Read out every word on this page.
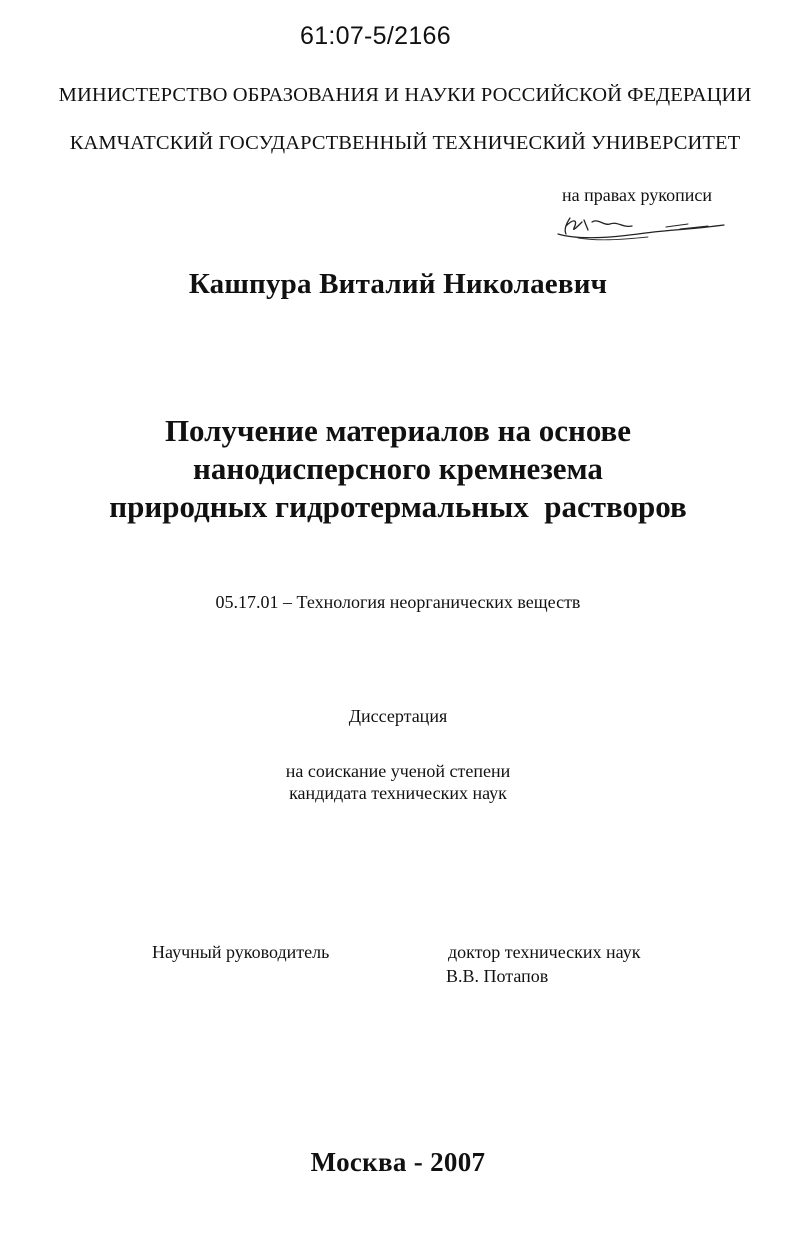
61:07-5/2166
МИНИСТЕРСТВО ОБРАЗОВАНИЯ И НАУКИ РОССИЙСКОЙ ФЕДЕРАЦИИ
КАМЧАТСКИЙ ГОСУДАРСТВЕННЫЙ ТЕХНИЧЕСКИЙ УНИВЕРСИТЕТ
на правах рукописи
Кашпура Виталий Николаевич
Получение материалов на основе
нанодисперсного кремнезема
природных гидротермальных  растворов
05.17.01 – Технология неорганических веществ
Диссертация
на соискание ученой степени
кандидата технических наук
Научный руководитель	доктор технических наук
В.В. Потапов
Москва - 2007
